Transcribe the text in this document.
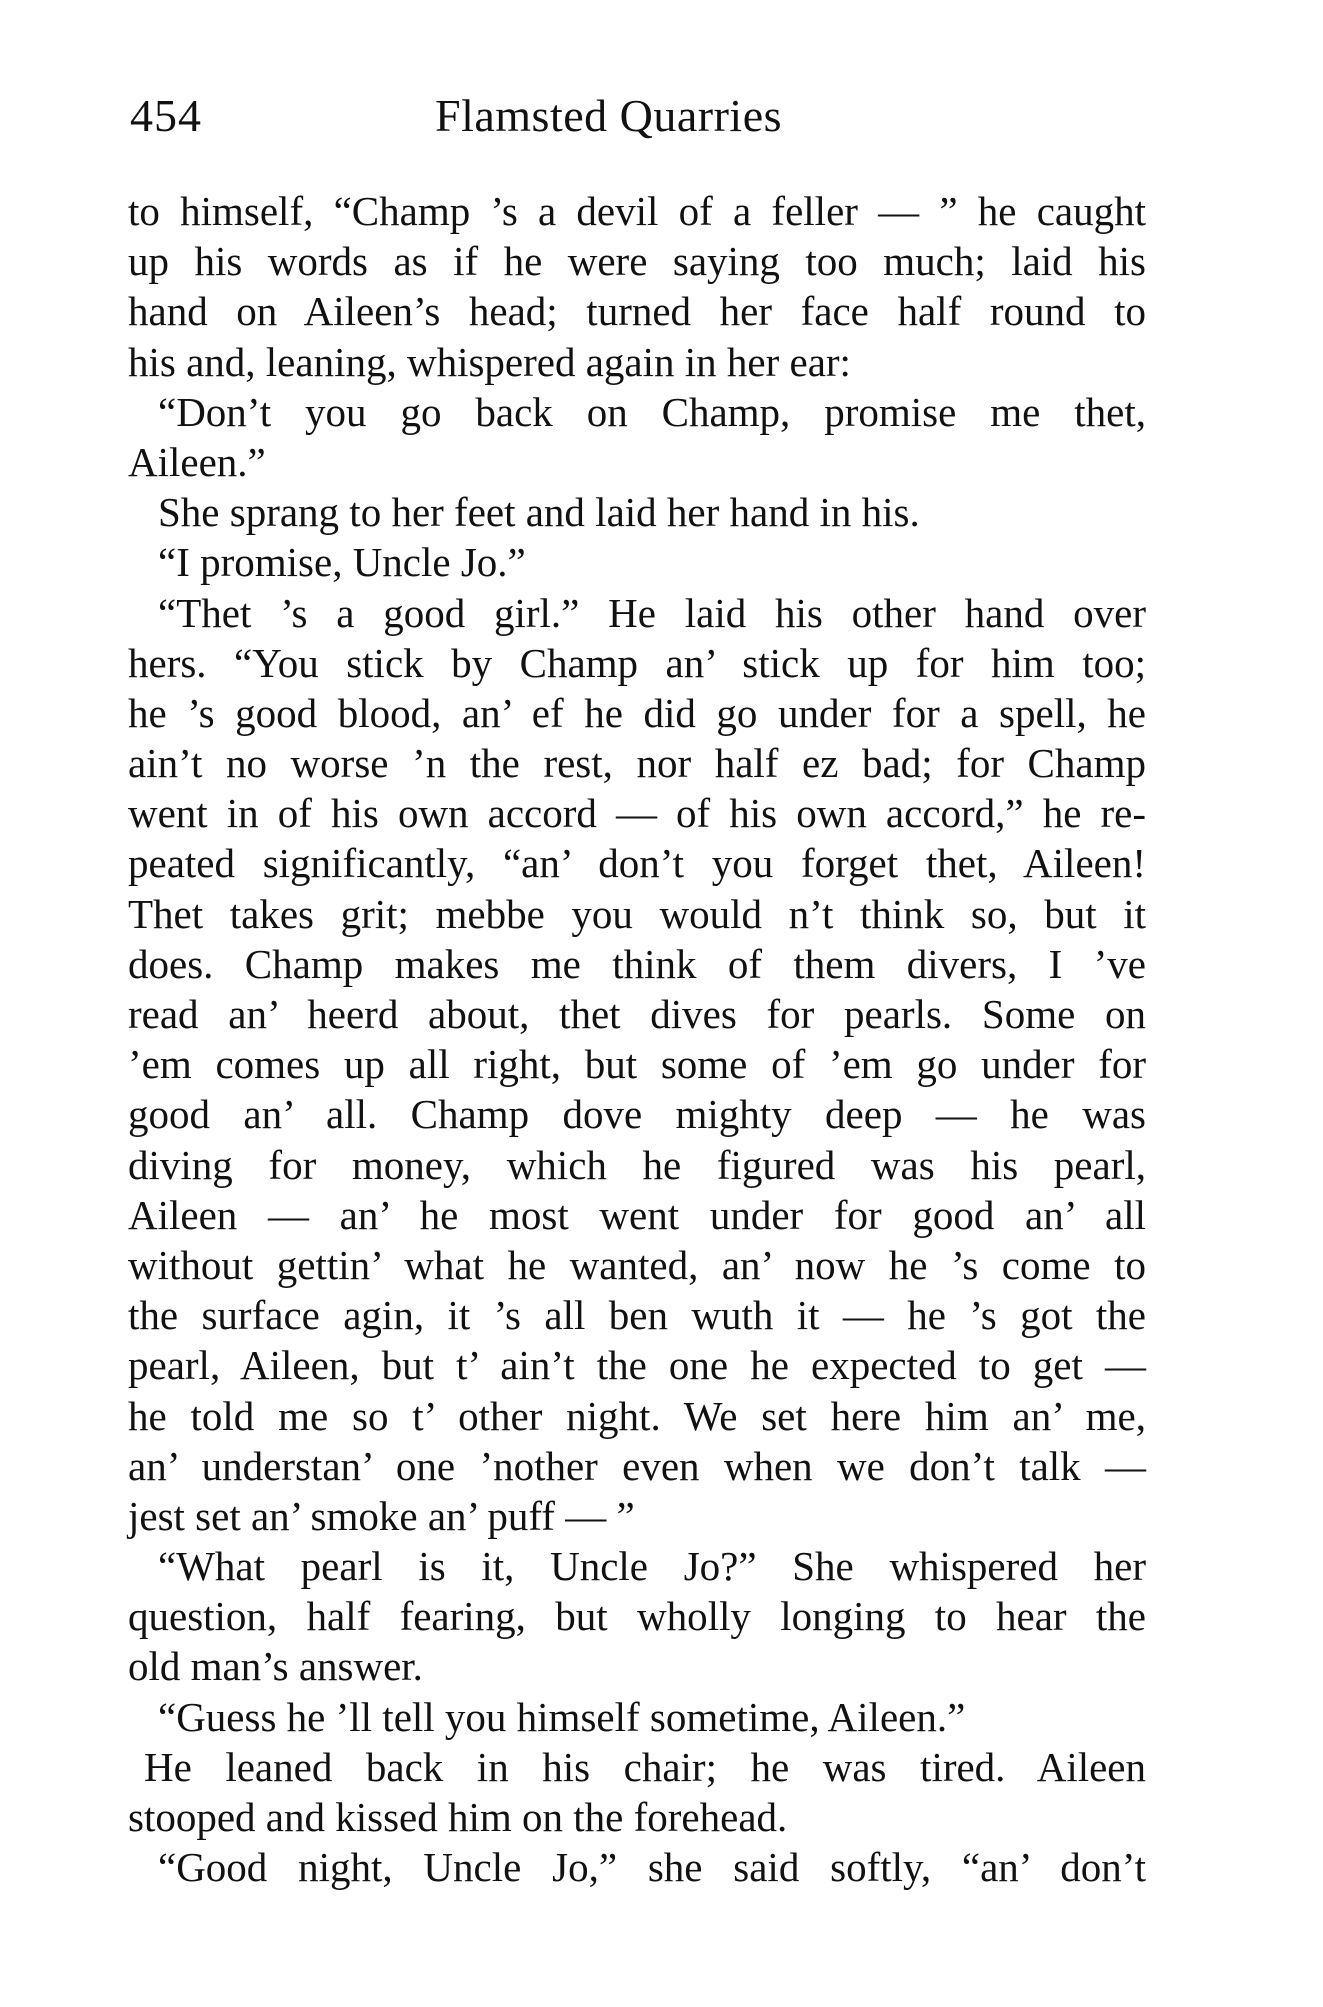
454	Flamsted Quarries
to himself, “Champ ’s a devil of a feller — ” he caught
up his words as if he were saying too much; laid his
hand on Aileen’s head; turned her face half round to
his and, leaning, whispered again in her ear:
“Don’t you go back on Champ, promise me thet,
Aileen.”
She sprang to her feet and laid her hand in his.
“I promise, Uncle Jo.”
“Thet ’s a good girl.” He laid his other hand over
hers. “You stick by Champ an’ stick up for him too;
he ’s good blood, an’ ef he did go under for a spell, he
ain’t no worse ’n the rest, nor half ez bad; for Champ
went in of his own accord — of his own accord,” he re-
peated significantly, “an’ don’t you forget thet, Aileen!
Thet takes grit; mebbe you would n’t think so, but it
does. Champ makes me think of them divers, I ’ve
read an’ heerd about, thet dives for pearls. Some on
’em comes up all right, but some of ’em go under for
good an’ all. Champ dove mighty deep — he was
diving for money, which he figured was his pearl,
Aileen — an’ he most went under for good an’ all
without gettin’ what he wanted, an’ now he ’s come to
the surface agin, it ’s all ben wuth it — he ’s got the
pearl, Aileen, but t’ ain’t the one he expected to get —
he told me so t’ other night. We set here him an’ me,
an’ understan’ one ’nother even when we don’t talk —
jest set an’ smoke an’ puff — ”
“What pearl is it, Uncle Jo?” She whispered her
question, half fearing, but wholly longing to hear the
old man’s answer.
“Guess he ’ll tell you himself sometime, Aileen.”
He leaned back in his chair; he was tired. Aileen
stooped and kissed him on the forehead.
“Good night, Uncle Jo,” she said softly, “an’ don’t
